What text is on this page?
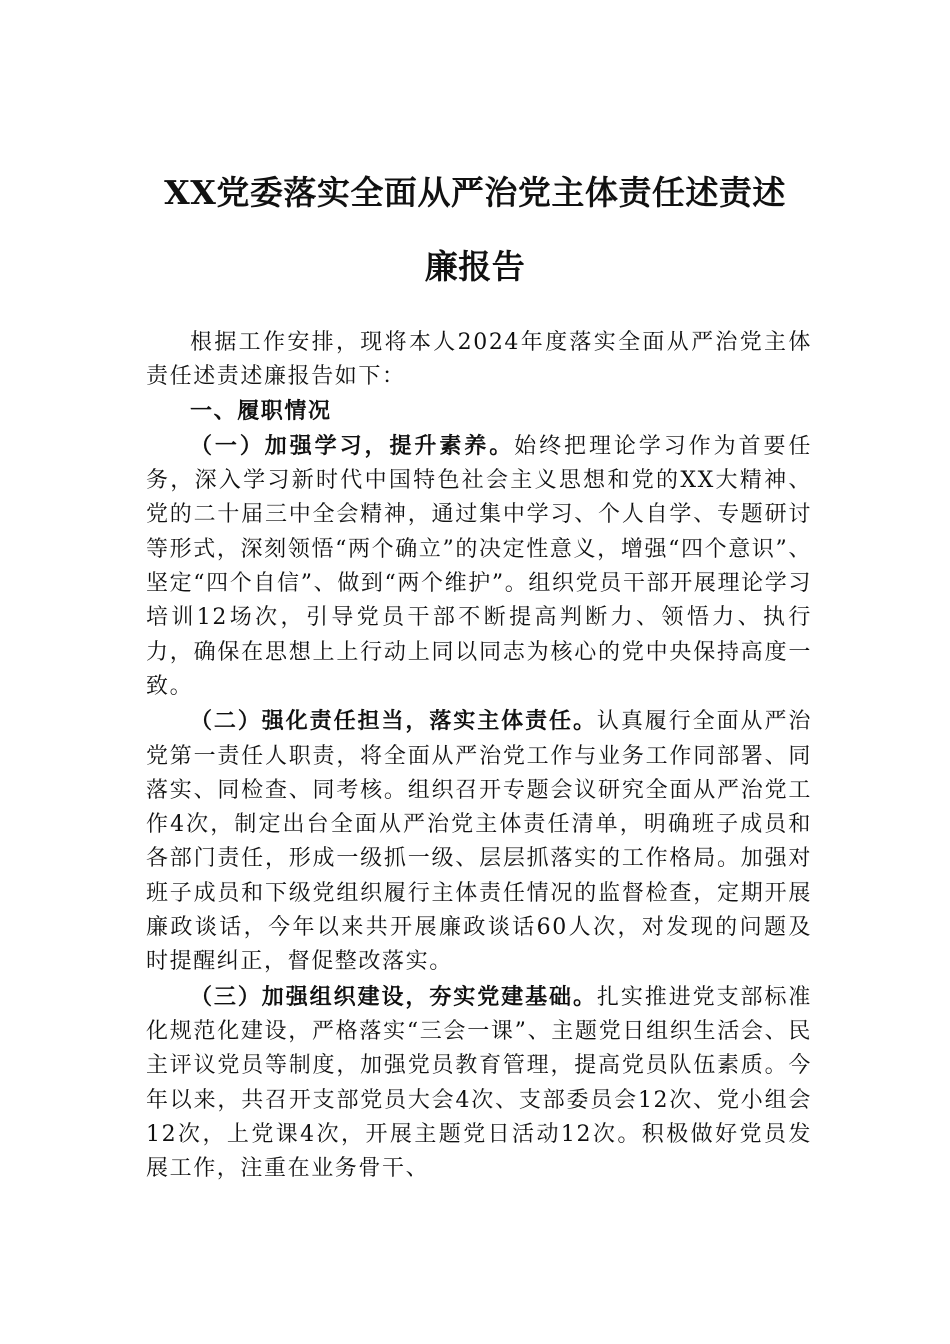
XX党委落实全面从严治党主体责任述责述
廉报告

根据工作安排，现将本人2024年度落实全面从严治党主体责任述责述廉报告如下：

一、履职情况

（一）加强学习，提升素养。始终把理论学习作为首要任务，深入学习新时代中国特色社会主义思想和党的XX大精神、党的二十届三中全会精神，通过集中学习、个人自学、专题研讨等形式，深刻领悟“两个确立”的决定性意义，增强“四个意识”、坚定“四个自信”、做到“两个维护”。组织党员干部开展理论学习培训12场次，引导党员干部不断提高判断力、领悟力、执行力，确保在思想上上行动上同以同志为核心的党中央保持高度一致。

（二）强化责任担当，落实主体责任。认真履行全面从严治党第一责任人职责，将全面从严治党工作与业务工作同部署、同落实、同检查、同考核。组织召开专题会议研究全面从严治党工作4次，制定出台全面从严治党主体责任清单，明确班子成员和各部门责任，形成一级抓一级、层层抓落实的工作格局。加强对班子成员和下级党组织履行主体责任情况的监督检查，定期开展廉政谈话，今年以来共开展廉政谈话60人次，对发现的问题及时提醒纠正，督促整改落实。

（三）加强组织建设，夯实党建基础。扎实推进党支部标准化规范化建设，严格落实“三会一课”、主题党日组织生活会、民主评议党员等制度，加强党员教育管理，提高党员队伍素质。今年以来，共召开支部党员大会4次、支部委员会12次、党小组会12次，上党课4次，开展主题党日活动12次。积极做好党员发展工作，注重在业务骨干、
